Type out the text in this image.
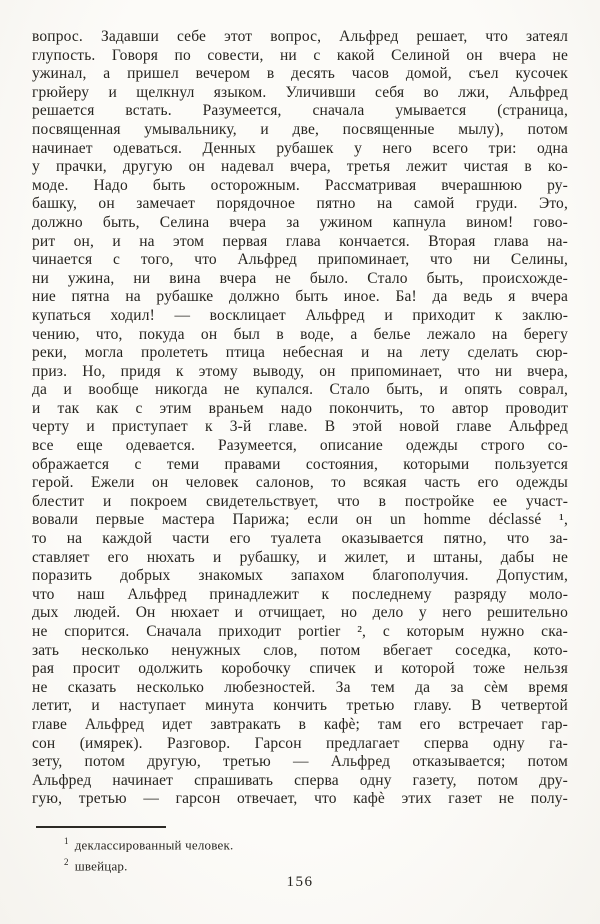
вопрос. Задавши себе этот вопрос, Альфред решает, что затеял
глупость. Говоря по совести, ни с какой Селиной он вчера не
ужинал, а пришел вечером в десять часов домой, съел кусочек
грюйеру и щелкнул языком. Уличивши себя во лжи, Альфред
решается встать. Разумеется, сначала умывается (страница,
посвященная умывальнику, и две, посвященные мылу), потом
начинает одеваться. Денных рубашек у него всего три: одна
у прачки, другую он надевал вчера, третья лежит чистая в ко-
моде. Надо быть осторожным. Рассматривая вчерашнюю ру-
башку, он замечает порядочное пятно на самой груди. Это,
должно быть, Селина вчера за ужином капнула вином! гово-
рит он, и на этом первая глава кончается. Вторая глава на-
чинается с того, что Альфред припоминает, что ни Селины,
ни ужина, ни вина вчера не было. Стало быть, происхожде-
ние пятна на рубашке должно быть иное. Ба! да ведь я вчера
купаться ходил! — восклицает Альфред и приходит к заклю-
чению, что, покуда он был в воде, а белье лежало на берегу
реки, могла пролететь птица небесная и на лету сделать сюр-
приз. Но, придя к этому выводу, он припоминает, что ни вчера,
да и вообще никогда не купался. Стало быть, и опять соврал,
и так как с этим враньем надо покончить, то автор проводит
черту и приступает к 3-й главе. В этой новой главе Альфред
все еще одевается. Разумеется, описание одежды строго со-
ображается с теми правами состояния, которыми пользуется
герой. Ежели он человек салонов, то всякая часть его одежды
блестит и покроем свидетельствует, что в постройке ее участ-
вовали первые мастера Парижа; если он un homme déclassé ¹,
то на каждой части его туалета оказывается пятно, что за-
ставляет его нюхать и рубашку, и жилет, и штаны, дабы не
поразить добрых знакомых запахом благополучия. Допустим,
что наш Альфред принадлежит к последнему разряду моло-
дых людей. Он нюхает и отчищает, но дело у него решительно
не спорится. Сначала приходит portier ², с которым нужно ска-
зать несколько ненужных слов, потом вбегает соседка, кото-
рая просит одолжить коробочку спичек и которой тоже нельзя
не сказать несколько любезностей. За тем да за сèм время
летит, и наступает минута кончить третью главу. В четвертой
главе Альфред идет завтракать в кафè; там его встречает гар-
сон (имярек). Разговор. Гарсон предлагает сперва одну га-
зету, потом другую, третью — Альфред отказывается; потом
Альфред начинает спрашивать сперва одну газету, потом дру-
гую, третью — гарсон отвечает, что кафè этих газет не полу-
$^1$ деклассированный человек.
$^2$ швейцар.
156
